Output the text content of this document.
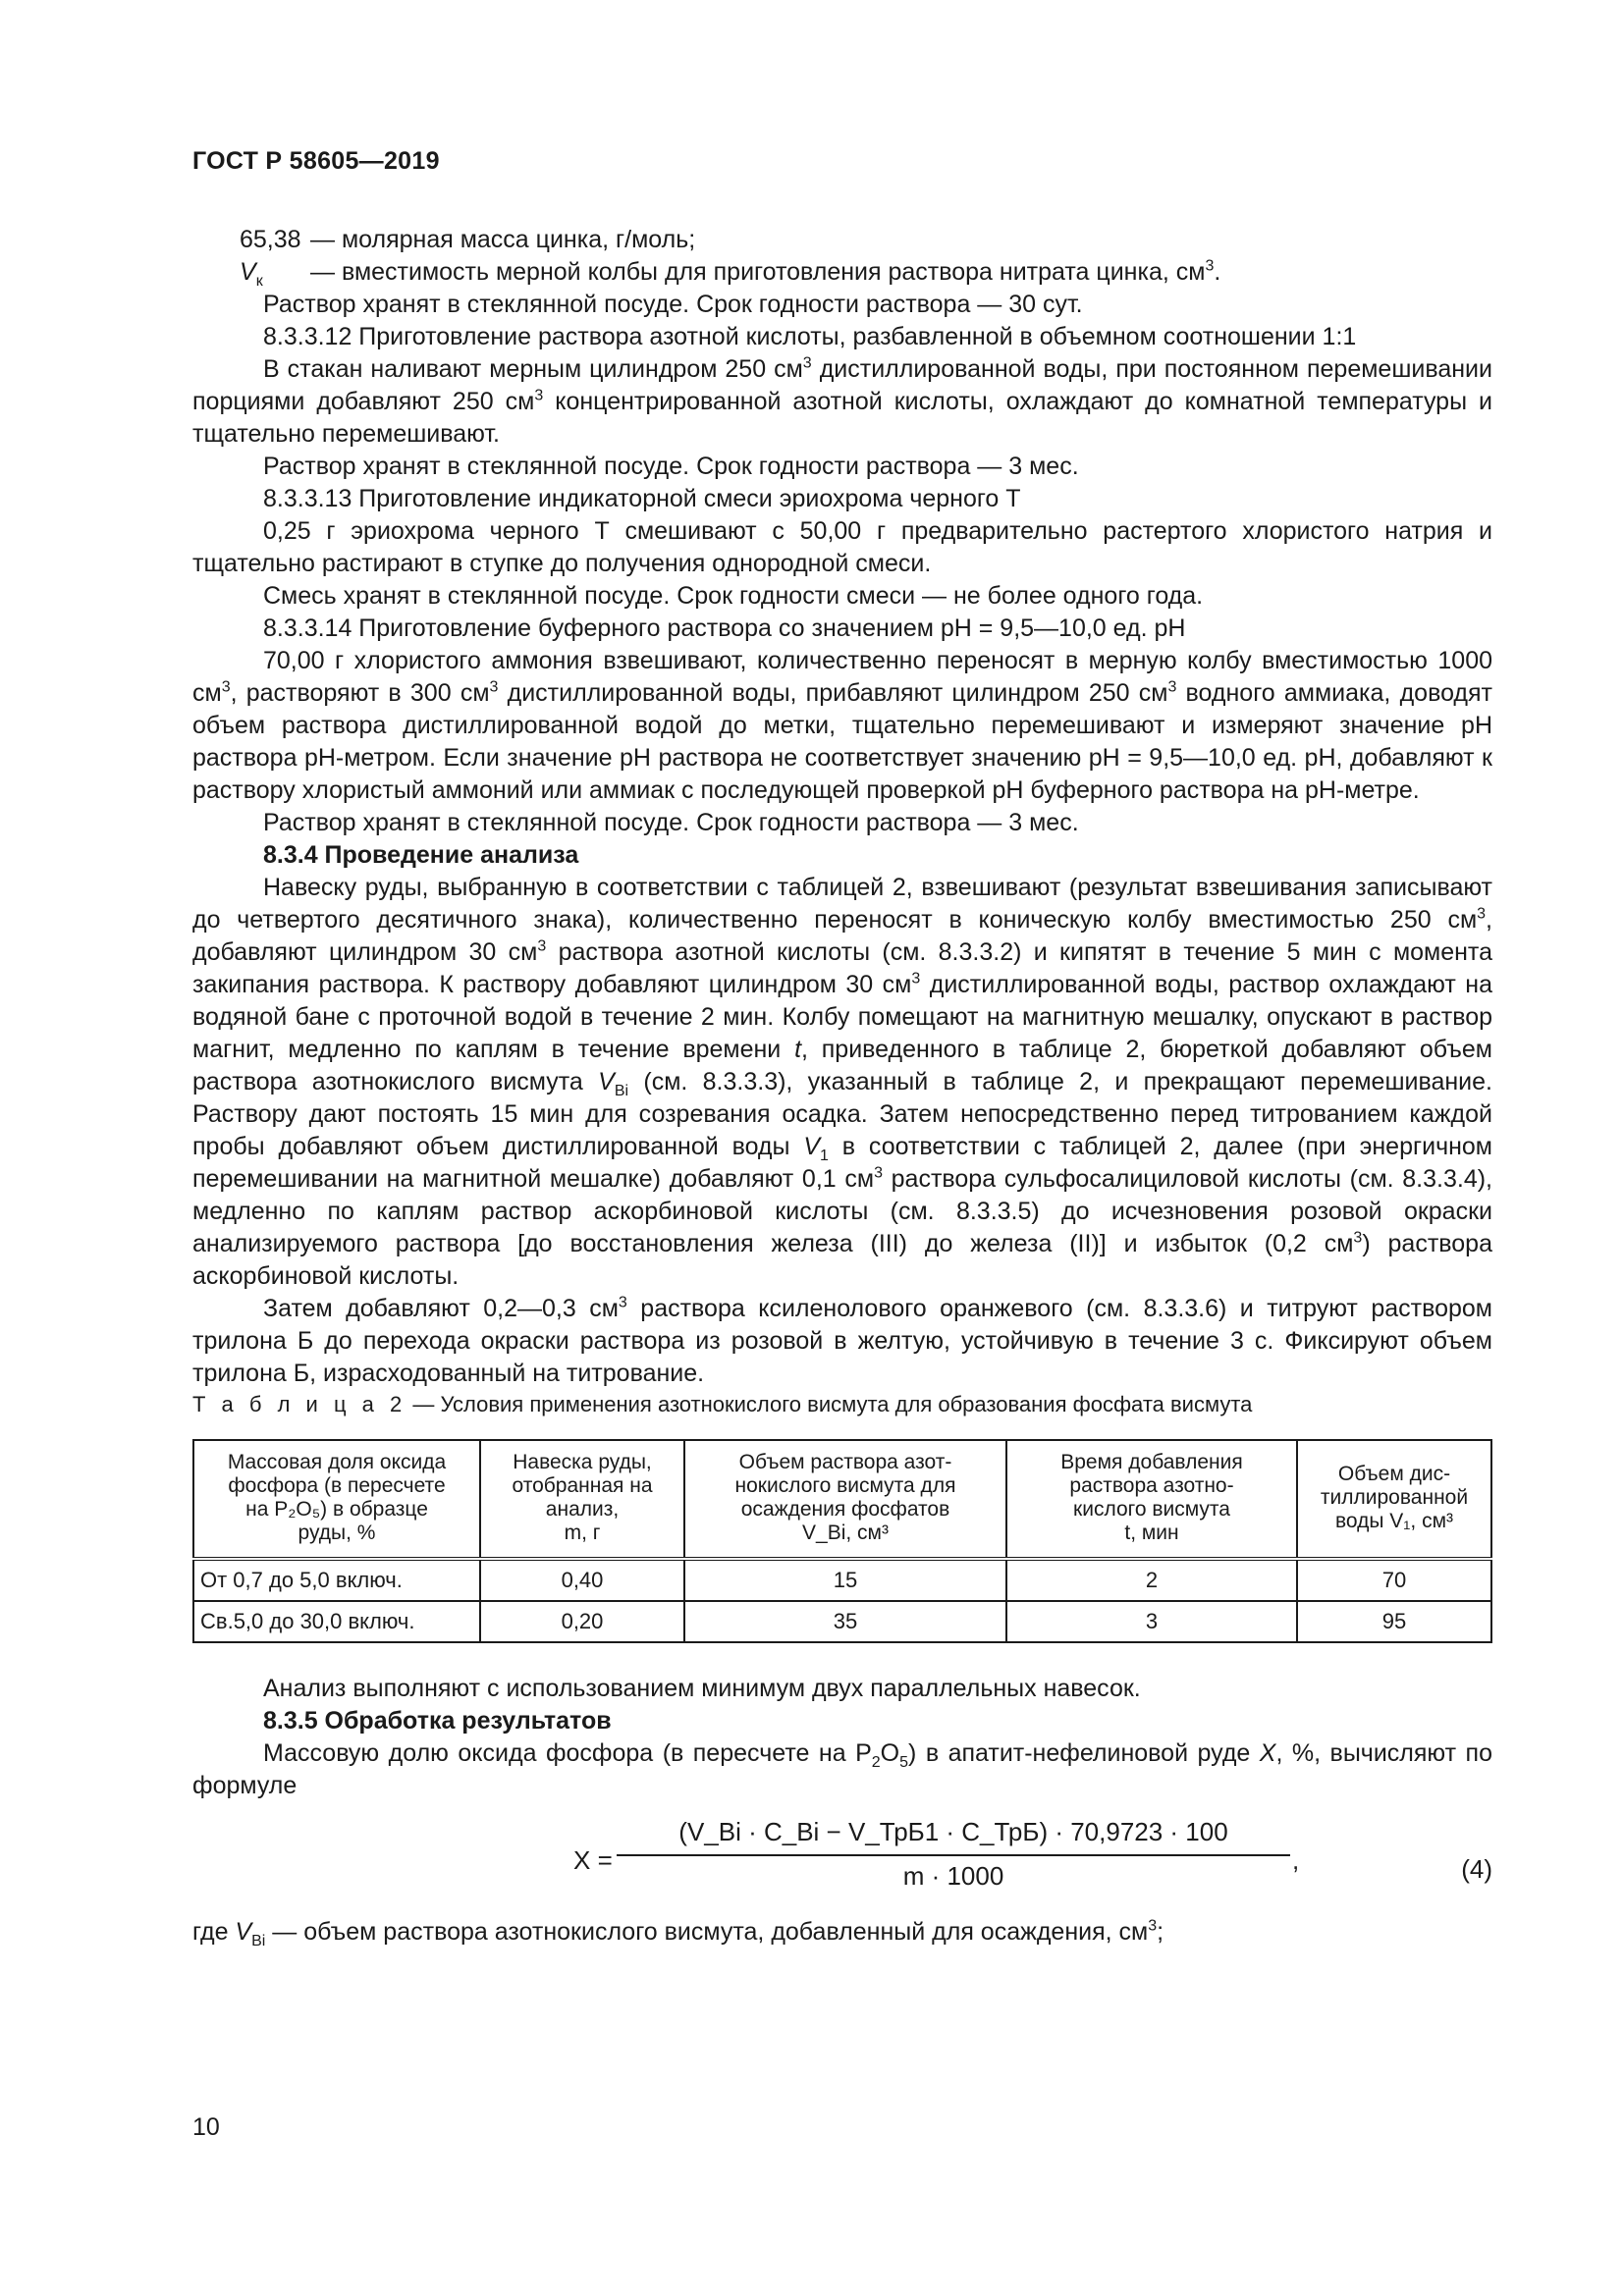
ГОСТ Р 58605—2019
65,38 — молярная масса цинка, г/моль;
$V_к$	— вместимость мерной колбы для приготовления раствора нитрата цинка, $см^3$.

Раствор хранят в стеклянной посуде. Срок годности раствора — 30 сут.

8.3.3.12 Приготовление раствора азотной кислоты, разбавленной в объемном соотношении 1:1

В стакан наливают мерным цилиндром 250 $см^3$ дистиллированной воды, при постоянном перемешивании порциями добавляют 250 $см^3$ концентрированной азотной кислоты, охлаждают до комнатной температуры и тщательно перемешивают.

Раствор хранят в стеклянной посуде. Срок годности раствора — 3 мес.

8.3.3.13 Приготовление индикаторной смеси эриохрома черного Т

0,25 г эриохрома черного Т смешивают с 50,00 г предварительно растертого хлористого натрия и тщательно растирают в ступке до получения однородной смеси.

Смесь хранят в стеклянной посуде. Срок годности смеси — не более одного года.

8.3.3.14 Приготовление буферного раствора со значением pH = 9,5—10,0 ед. pH

70,00 г хлористого аммония взвешивают, количественно переносят в мерную колбу вместимостью 1000 $см^3$, растворяют в 300 $см^3$ дистиллированной воды, прибавляют цилиндром 250 $см^3$ водного аммиака, доводят объем раствора дистиллированной водой до метки, тщательно перемешивают и измеряют значение pH раствора pH-метром. Если значение pH раствора не соответствует значению pH = 9,5—10,0 ед. pH, добавляют к раствору хлористый аммоний или аммиак с последующей проверкой pH буферного раствора на pH-метре.

Раствор хранят в стеклянной посуде. Срок годности раствора — 3 мес.

8.3.4 Проведение анализа

Навеску руды, выбранную в соответствии с таблицей 2, взвешивают (результат взвешивания записывают до четвертого десятичного знака), количественно переносят в коническую колбу вместимостью 250 $см^3$, добавляют цилиндром 30 $см^3$ раствора азотной кислоты (см. 8.3.3.2) и кипятят в течение 5 мин с момента закипания раствора. К раствору добавляют цилиндром 30 $см^3$ дистиллированной воды, раствор охлаждают на водяной бане с проточной водой в течение 2 мин. Колбу помещают на магнитную мешалку, опускают в раствор магнит, медленно по каплям в течение времени t, приведенного в таблице 2, бюреткой добавляют объем раствора азотнокислого висмута $V_{Bi}$ (см. 8.3.3.3), указанный в таблице 2, и прекращают перемешивание. Раствору дают постоять 15 мин для созревания осадка. Затем непосредственно перед титрованием каждой пробы добавляют объем дистиллированной воды $V_1$ в соответствии с таблицей 2, далее (при энергичном перемешивании на магнитной мешалке) добавляют 0,1 $см^3$ раствора сульфосалициловой кислоты (см. 8.3.3.4), медленно по каплям раствор аскорбиновой кислоты (см. 8.3.3.5) до исчезновения розовой окраски анализируемого раствора [до восстановления железа (III) до железа (II)] и избыток (0,2 $см^3$) раствора аскорбиновой кислоты.

Затем добавляют 0,2—0,3 $см^3$ раствора ксиленолового оранжевого (см. 8.3.3.6) и титруют раствором трилона Б до перехода окраски раствора из розовой в желтую, устойчивую в течение 3 с. Фиксируют объем трилона Б, израсходованный на титрование.

Т а б л и ц а 2 — Условия применения азотнокислого висмута для образования фосфата висмута

Массовая доля оксида
фосфора (в пересчете
на P₂O₅) в образце
руды, %	Навеска руды,
отобранная на
анализ,
m, г	Объем раствора азот-
нокислого висмута для
осаждения фосфатов
V_Bi, см³	Время добавления
раствора азотно-
кислого висмута
t, мин	Объем дис-
тиллированной
воды V₁, см³
От 0,7 до 5,0 включ.	0,40	15	2	70
Св.5,0 до 30,0 включ.	0,20	35	3	95

Анализ выполняют с использованием минимум двух параллельных навесок.

8.3.5 Обработка результатов

Массовую долю оксида фосфора (в пересчете на $P_2O_5$) в апатит-нефелиновой руде X, %, вычисляют по формуле

X =
(V_Bi · C_Bi − V_ТрБ1 · C_ТрБ) · 70,9723 · 100
m · 1000
,	(4)

где $V_{Bi}$ — объем раствора азотнокислого висмута, добавленный для осаждения, $см^3$;

10
